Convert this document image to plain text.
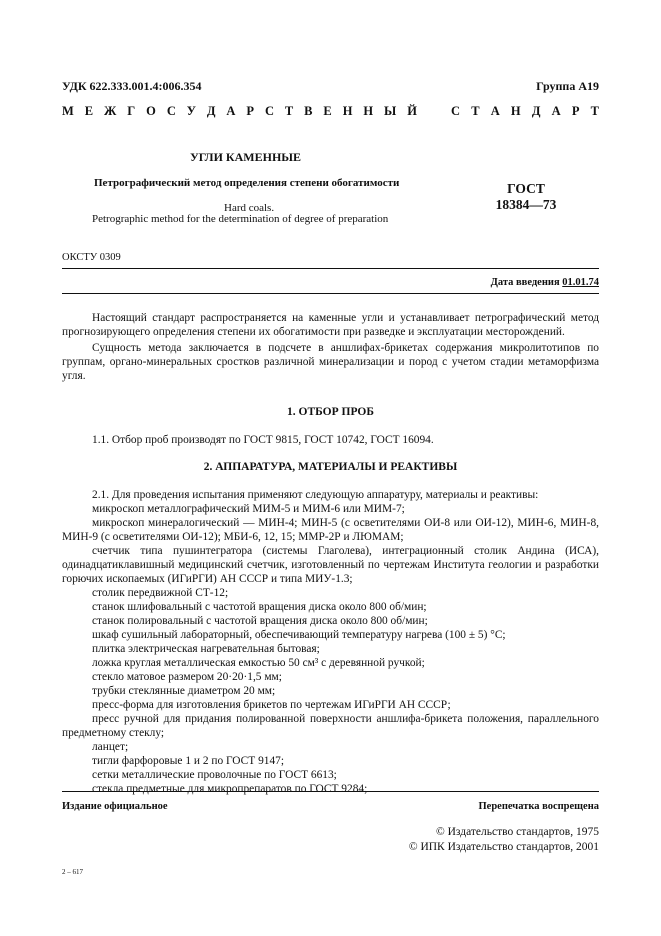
УДК 622.333.001.4:006.354	Группа А19
М Е Ж Г О С У Д А Р С Т В Е Н Н Ы Й	С Т А Н Д А Р Т
УГЛИ КАМЕННЫЕ
Петрографический метод определения степени обогатимости
Hard coals.
Petrographic method for the determination of degree of preparation
ГОСТ
18384—73
ОКСТУ 0309
Дата введения 01.01.74

Настоящий стандарт распространяется на каменные угли и устанавливает петрографический метод прогнозирующего определения степени их обогатимости при разведке и эксплуатации месторождений.

Сущность метода заключается в подсчете в аншлифах-брикетах содержания микролитотипов по группам, органо-минеральных сростков различной минерализации и пород с учетом стадии метаморфизма угля.

1. ОТБОР ПРОБ

1.1. Отбор проб производят по ГОСТ 9815, ГОСТ 10742, ГОСТ 16094.

2. АППАРАТУРА, МАТЕРИАЛЫ И РЕАКТИВЫ

2.1. Для проведения испытания применяют следующую аппаратуру, материалы и реактивы:

микроскоп металлографический МИМ-5 и МИМ-6 или МИМ-7;

микроскоп минералогический — МИН-4; МИН-5 (с осветителями ОИ-8 или ОИ-12), МИН-6, МИН-8, МИН-9 (с осветителями ОИ-12); МБИ-6, 12, 15; ММР-2Р и ЛЮМАМ;

счетчик типа пушинтегратора (системы Глаголева), интеграционный столик Андина (ИСА), одинадцатиклавишный медицинский счетчик, изготовленный по чертежам Института геологии и разработки горючих ископаемых (ИГиРГИ) АН СССР и типа МИУ-1.3;

столик передвижной СТ-12;

станок шлифовальный с частотой вращения диска около 800 об/мин;

станок полировальный с частотой вращения диска около 800 об/мин;

шкаф сушильный лабораторный, обеспечивающий температуру нагрева (100 ± 5) °С;

плитка электрическая нагревательная бытовая;

ложка круглая металлическая емкостью 50 см³ с деревянной ручкой;

стекло матовое размером 20·20·1,5 мм;

трубки стеклянные диаметром 20 мм;

пресс-форма для изготовления брикетов по чертежам ИГиРГИ АН СССР;

пресс ручной для придания полированной поверхности аншлифа-брикета положения, параллельного предметному стеклу;

ланцет;

тигли фарфоровые 1 и 2 по ГОСТ 9147;

сетки металлические проволочные по ГОСТ 6613;

стекла предметные для микропрепаратов по ГОСТ 9284;

Издание официальное	Перепечатка воспрещена
© Издательство стандартов, 1975
© ИПК Издательство стандартов, 2001
2 – 617
